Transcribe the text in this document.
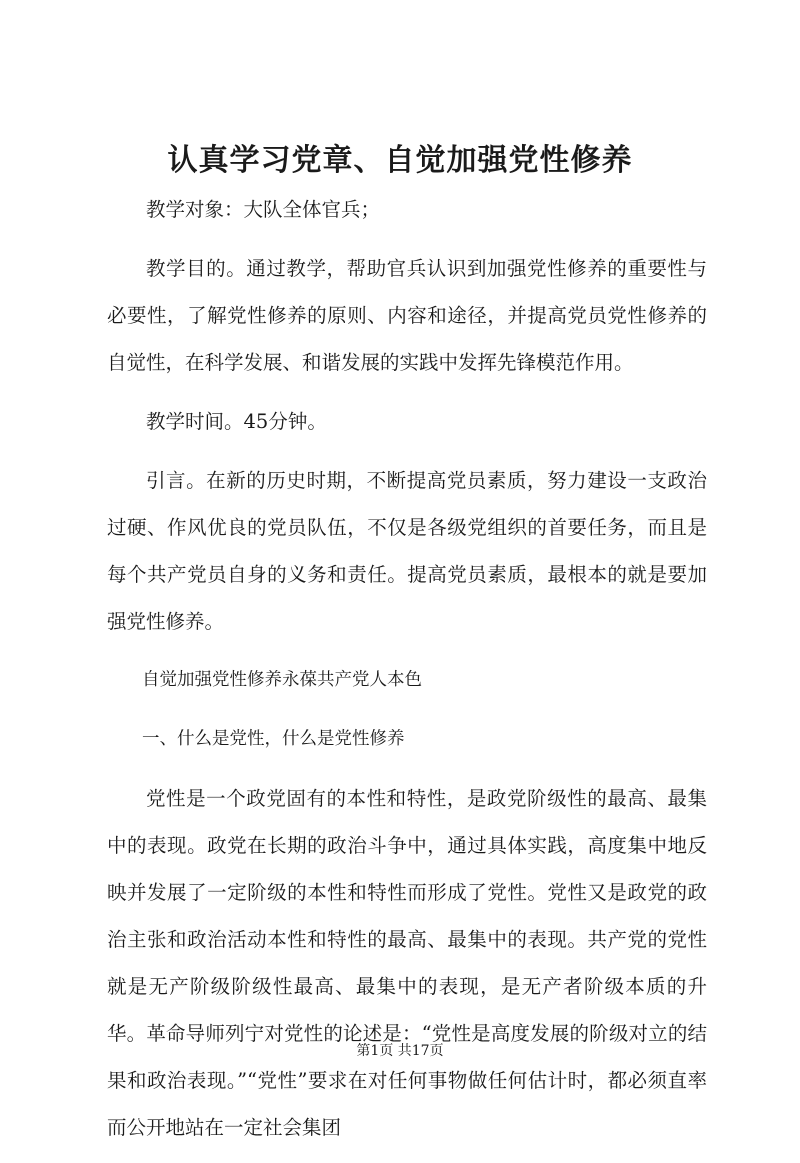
认真学习党章、自觉加强党性修养

教学对象：大队全体官兵；

教学目的。通过教学，帮助官兵认识到加强党性修养的重要性与必要性，了解党性修养的原则、内容和途径，并提高党员党性修养的自觉性，在科学发展、和谐发展的实践中发挥先锋模范作用。

教学时间。45分钟。

引言。在新的历史时期，不断提高党员素质，努力建设一支政治过硬、作风优良的党员队伍，不仅是各级党组织的首要任务，而且是每个共产党员自身的义务和责任。提高党员素质，最根本的就是要加强党性修养。

自觉加强党性修养永葆共产党人本色

一、什么是党性，什么是党性修养

党性是一个政党固有的本性和特性，是政党阶级性的最高、最集中的表现。政党在长期的政治斗争中，通过具体实践，高度集中地反映并发展了一定阶级的本性和特性而形成了党性。党性又是政党的政治主张和政治活动本性和特性的最高、最集中的表现。共产党的党性就是无产阶级阶级性最高、最集中的表现，是无产者阶级本质的升华。革命导师列宁对党性的论述是：“党性是高度发展的阶级对立的结果和政治表现。”“党性”要求在对任何事物做任何估计时，都必须直率而公开地站在一定社会集团

第1页 共17页
